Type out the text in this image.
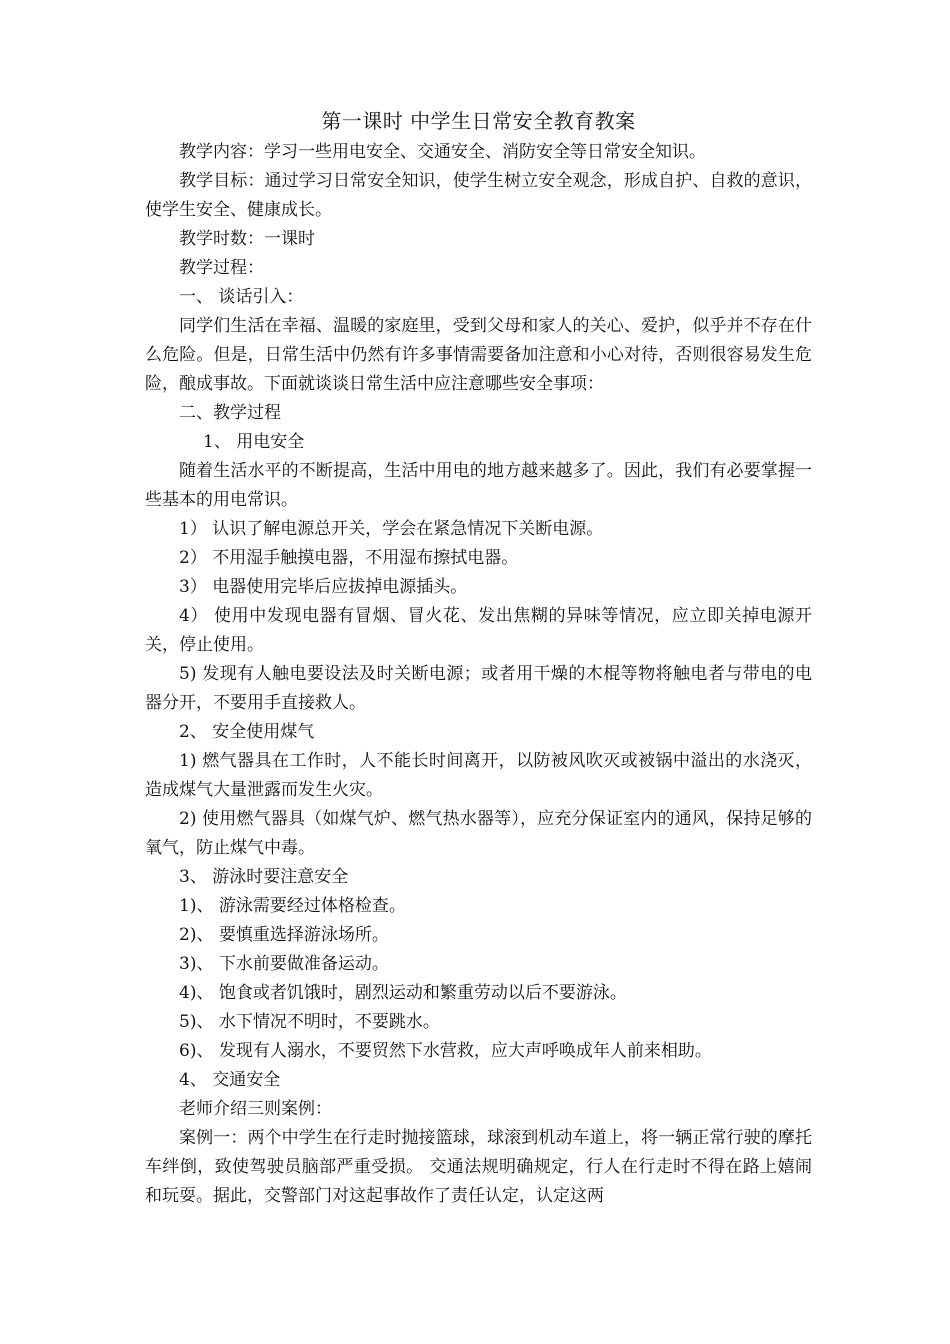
第一课时 中学生日常安全教育教案

教学内容：学习一些用电安全、交通安全、消防安全等日常安全知识。

教学目标：通过学习日常安全知识，使学生树立安全观念，形成自护、自救的意识，使学生安全、健康成长。

教学时数：一课时

教学过程：

一、 谈话引入：

同学们生活在幸福、温暖的家庭里，受到父母和家人的关心、爱护，似乎并不存在什么危险。但是，日常生活中仍然有许多事情需要备加注意和小心对待，否则很容易发生危险，酿成事故。下面就谈谈日常生活中应注意哪些安全事项：

二、教学过程

1、 用电安全

随着生活水平的不断提高，生活中用电的地方越来越多了。因此，我们有必要掌握一些基本的用电常识。

1） 认识了解电源总开关，学会在紧急情况下关断电源。

2） 不用湿手触摸电器，不用湿布擦拭电器。

3） 电器使用完毕后应拔掉电源插头。

4） 使用中发现电器有冒烟、冒火花、发出焦糊的异味等情况，应立即关掉电源开关，停止使用。

5) 发现有人触电要设法及时关断电源；或者用干燥的木棍等物将触电者与带电的电器分开，不要用手直接救人。

2、 安全使用煤气

1) 燃气器具在工作时，人不能长时间离开，以防被风吹灭或被锅中溢出的水浇灭，造成煤气大量泄露而发生火灾。

2) 使用燃气器具（如煤气炉、燃气热水器等），应充分保证室内的通风，保持足够的氧气，防止煤气中毒。

3、 游泳时要注意安全

1)、 游泳需要经过体格检查。

2)、 要慎重选择游泳场所。

3)、 下水前要做准备运动。

4)、 饱食或者饥饿时，剧烈运动和繁重劳动以后不要游泳。

5)、 水下情况不明时，不要跳水。

6)、 发现有人溺水，不要贸然下水营救，应大声呼唤成年人前来相助。

4、 交通安全

老师介绍三则案例：

案例一：两个中学生在行走时抛接篮球，球滚到机动车道上，将一辆正常行驶的摩托车绊倒，致使驾驶员脑部严重受损。 交通法规明确规定，行人在行走时不得在路上嬉闹和玩耍。据此，交警部门对这起事故作了责任认定，认定这两
